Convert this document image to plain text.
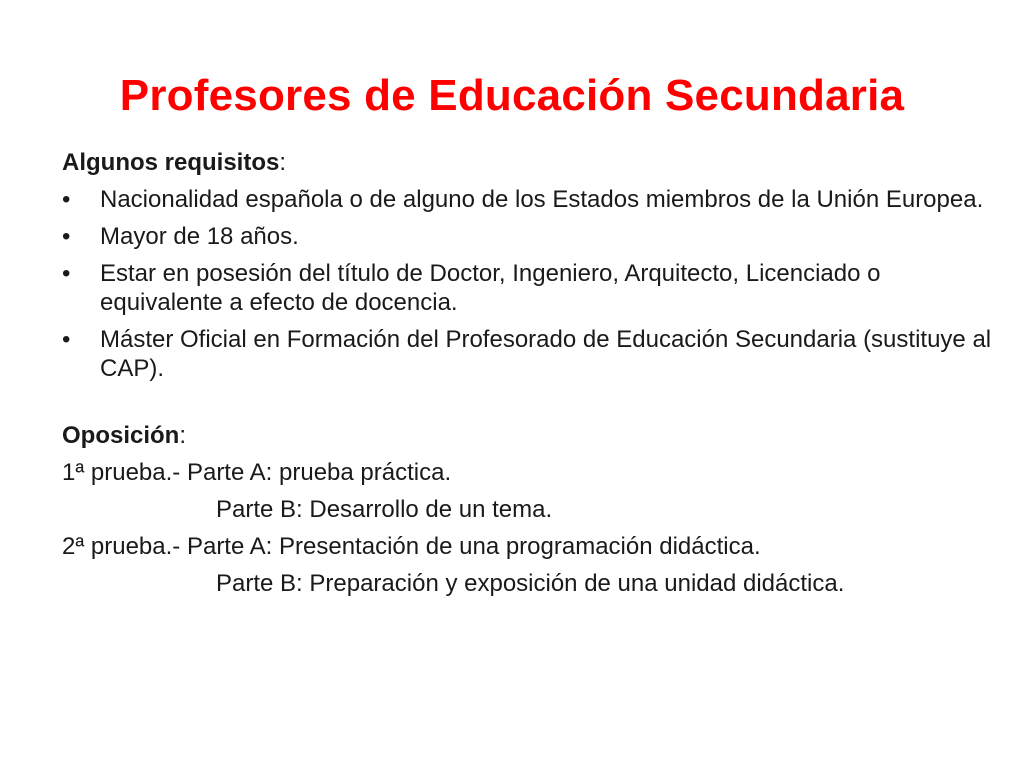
Profesores de Educación Secundaria
Algunos requisitos:
•	Nacionalidad española o de alguno de los Estados miembros de la Unión Europea.
•	Mayor de 18 años.
•	Estar en posesión del título de Doctor, Ingeniero, Arquitecto, Licenciado o equivalente a efecto de docencia.
•	Máster Oficial en Formación del Profesorado de Educación Secundaria (sustituye al CAP).
Oposición:
1ª prueba.- Parte A: prueba práctica.
Parte B: Desarrollo de un tema.
2ª prueba.- Parte A: Presentación de una programación didáctica.
Parte B: Preparación y exposición de una unidad didáctica.
